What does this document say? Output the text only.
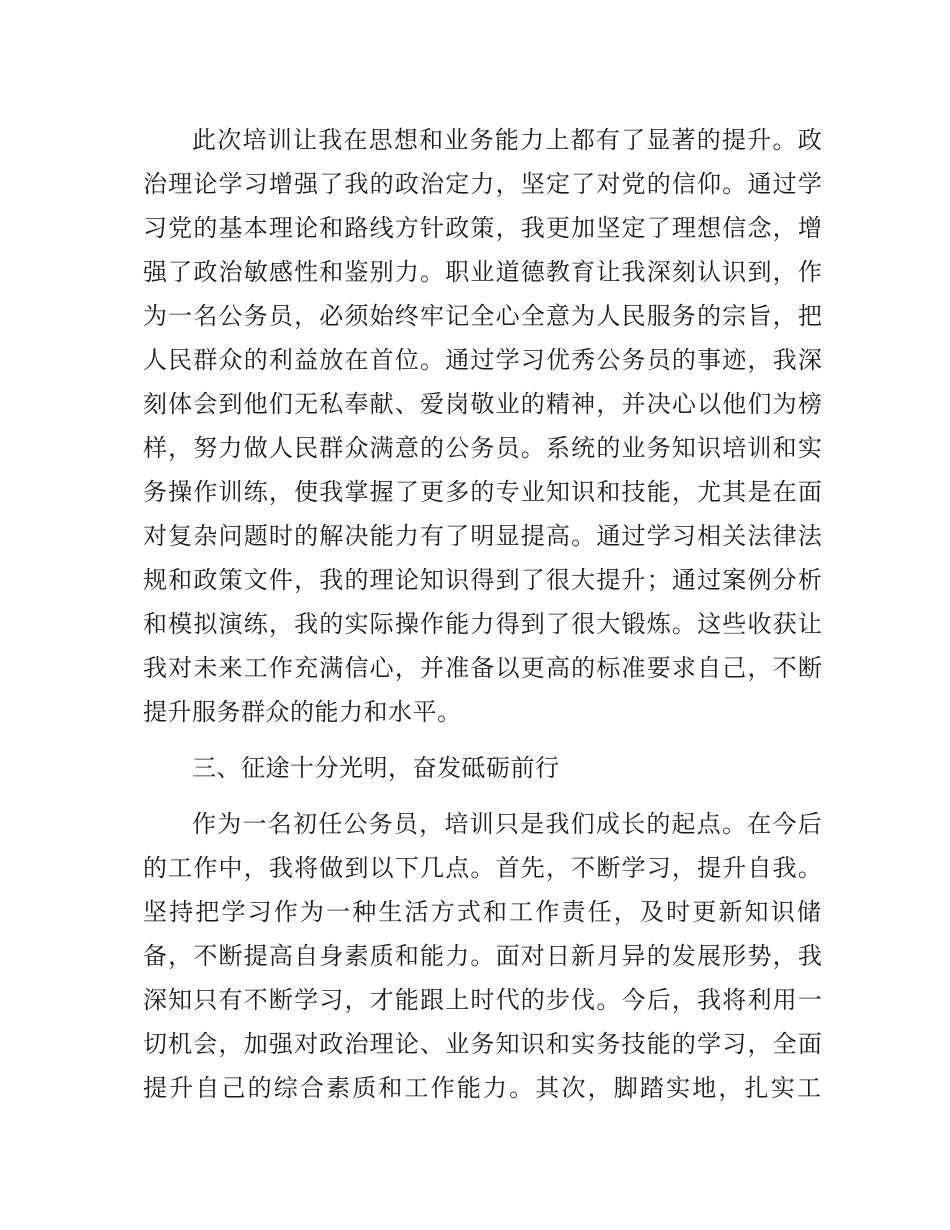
此次培训让我在思想和业务能力上都有了显著的提升。政
治理论学习增强了我的政治定力，坚定了对党的信仰。通过学
习党的基本理论和路线方针政策，我更加坚定了理想信念，增
强了政治敏感性和鉴别力。职业道德教育让我深刻认识到，作
为一名公务员，必须始终牢记全心全意为人民服务的宗旨，把
人民群众的利益放在首位。通过学习优秀公务员的事迹，我深
刻体会到他们无私奉献、爱岗敬业的精神，并决心以他们为榜
样，努力做人民群众满意的公务员。系统的业务知识培训和实
务操作训练，使我掌握了更多的专业知识和技能，尤其是在面
对复杂问题时的解决能力有了明显提高。通过学习相关法律法
规和政策文件，我的理论知识得到了很大提升；通过案例分析
和模拟演练，我的实际操作能力得到了很大锻炼。这些收获让
我对未来工作充满信心，并准备以更高的标准要求自己，不断
提升服务群众的能力和水平。
三、征途十分光明，奋发砥砺前行
作为一名初任公务员，培训只是我们成长的起点。在今后
的工作中，我将做到以下几点。首先，不断学习，提升自我。
坚持把学习作为一种生活方式和工作责任，及时更新知识储
备，不断提高自身素质和能力。面对日新月异的发展形势，我
深知只有不断学习，才能跟上时代的步伐。今后，我将利用一
切机会，加强对政治理论、业务知识和实务技能的学习，全面
提升自己的综合素质和工作能力。其次，脚踏实地，扎实工
